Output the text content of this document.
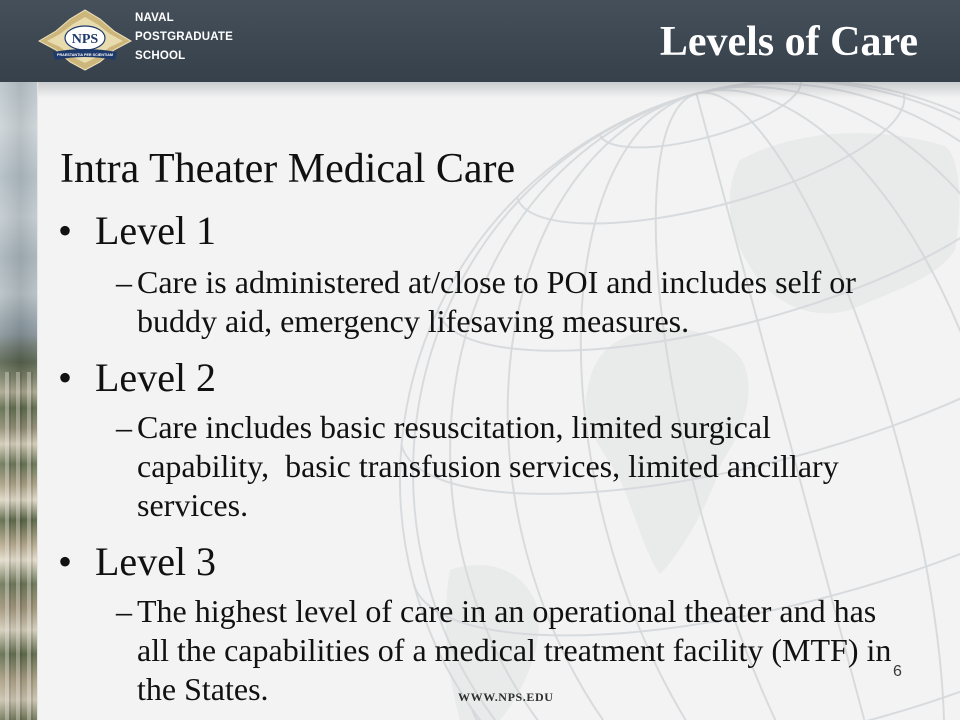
NPS
PRAESTANTIA PER SCIENTIAM
NAVAL
POSTGRADUATE
SCHOOL	Levels of Care
Intra Theater Medical Care
• Level 1
– Care is administered at/close to POI and includes self or
buddy aid, emergency lifesaving measures.
• Level 2
– Care includes basic resuscitation, limited surgical
capability,  basic transfusion services, limited ancillary
services.
• Level 3
– The highest level of care in an operational theater and has
all the capabilities of a medical treatment facility (MTF) in
the States.	WWW.NPS.EDU
6
